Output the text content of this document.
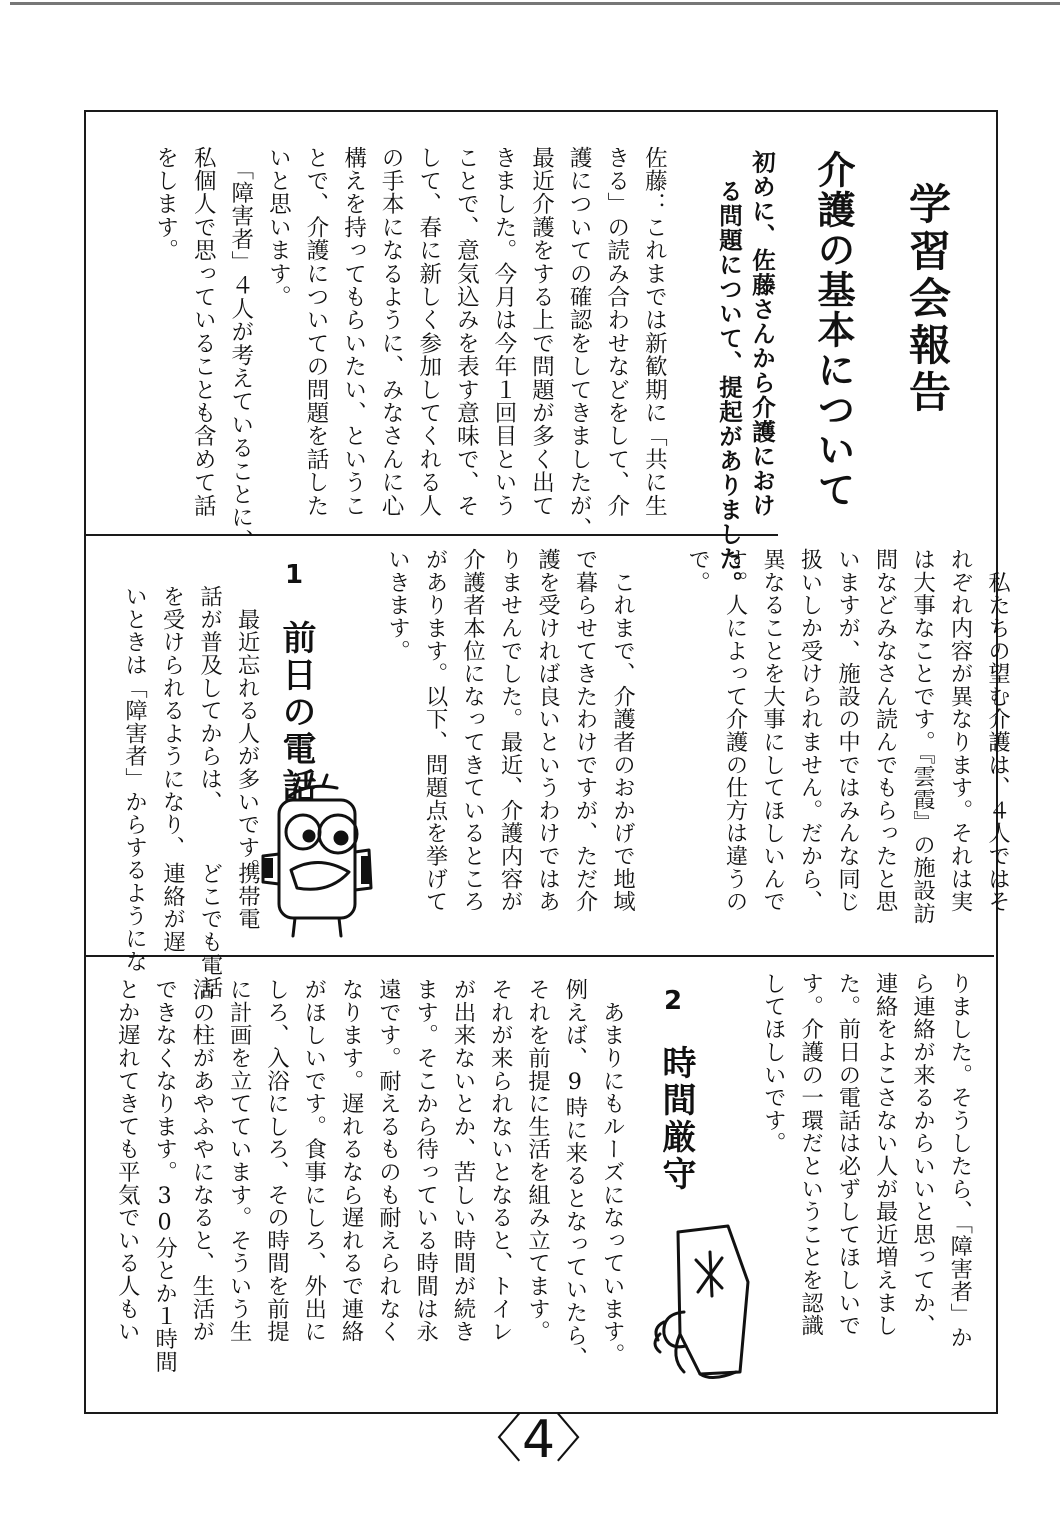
学習会報告
介護の基本について
初めに、佐藤さんから介護におけ
る問題について、提起がありました。
佐藤：これまでは新歓期に「共に生
きる」の読み合わせなどをして、介
護についての確認をしてきましたが、
最近介護をする上で問題が多く出て
きました。今月は今年１回目という
ことで、意気込みを表す意味で、そ
して、春に新しく参加してくれる人
の手本になるように、みなさんに心
構えを持ってもらいたい、というこ
とで、介護についての問題を話した
いと思います。
　「障害者」４人が考えていることに、
私個人で思っていることも含めて話
をします。
　私たちの望む介護は、４人ではそ
れぞれ内容が異なります。それは実
は大事なことです。『雲霞』の施設訪
問などみなさん読んでもらったと思
いますが、施設の中ではみんな同じ
扱いしか受けられません。だから、
異なることを大事にしてほしいんで
す。人によって介護の仕方は違うの
で。

　これまで、介護者のおかげで地域
で暮らせてきたわけですが、ただ介
護を受ければ良いというわけではあ
りませんでした。最近、介護内容が
介護者本位になってきているところ
があります。以下、問題点を挙げて
いきます。
1
前日の電話
　最近忘れる人が多いです。
話が普及してからは、
を受けられるようになり、
いときは「障害者」からするようにな	携帯電
どこでも電話
連絡が遅

りました。そうしたら、「障害者」か
ら連絡が来るからいいと思ってか、
連絡をよこさない人が最近増えまし
た。前日の電話は必ずしてほしいで
す。介護の一環だということを認識
してほしいです。
2
時間厳守
　あまりにもルーズになっています。
例えば、9時に来るとなっていたら、
それを前提に生活を組み立てます。
それが来られないとなると、トイレ
が出来ないとか、苦しい時間が続き
ます。そこから待っている時間は永
遠です。耐えるものも耐えられなく
なります。遅れるなら遅れるで連絡
がほしいです。食事にしろ、外出に
しろ、入浴にしろ、その時間を前提
に計画を立てています。そういう生
活の柱があやふやになると、生活が
できなくなります。30分とか１時間
とか遅れてきても平気でいる人もい
〈4〉
